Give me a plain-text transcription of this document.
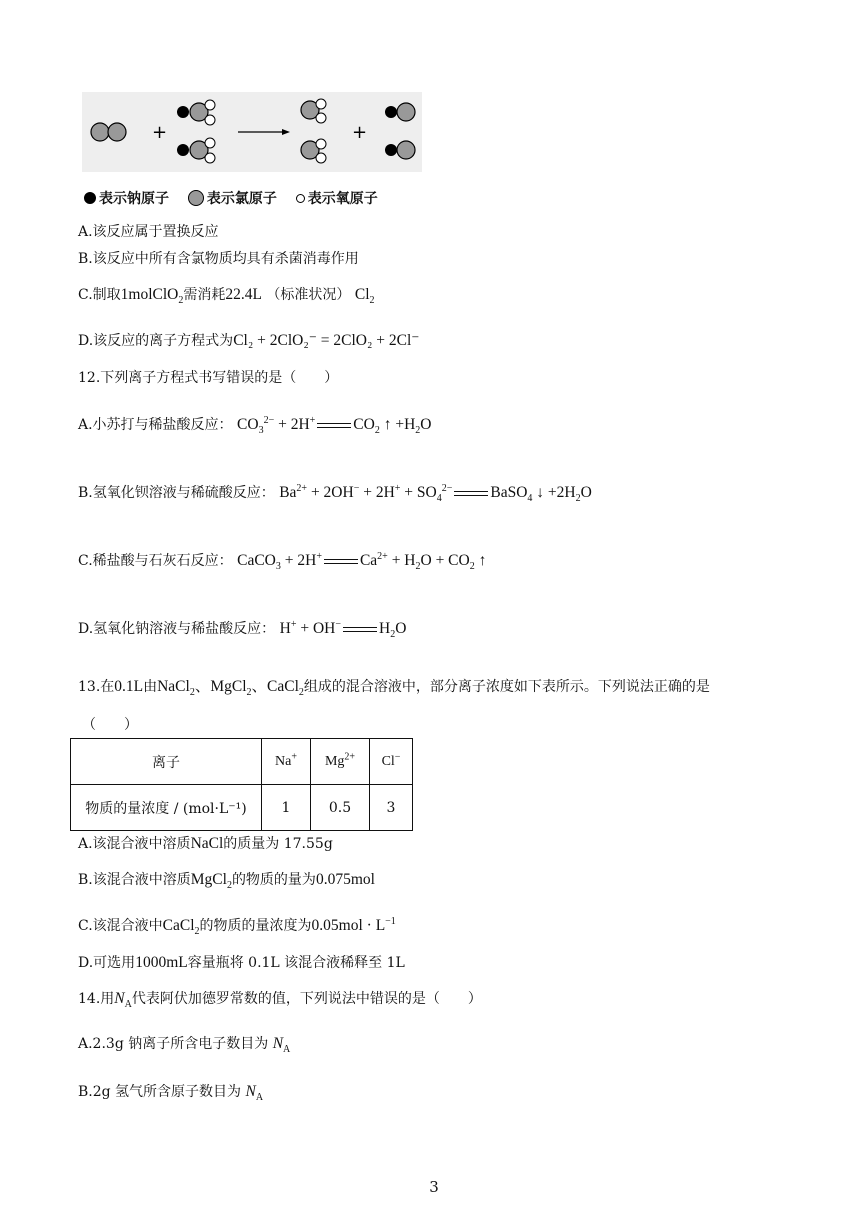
+	+
表示钠原子	表示氯原子 表示氧原子
A.该反应属于置换反应
B.该反应中所有含氯物质均具有杀菌消毒作用
C.制取1molClO$_2$需消耗22.4L （标准状况） $Cl_2$
D.该反应的离子方程式为Cl₂ + 2ClO₂⁻ = 2ClO₂ + 2Cl⁻
12.下列离子方程式书写错误的是（　　）
A.小苏打与稀盐酸反应： $CO_3^{2-} + 2H^+$ $CO_2$ ↑ $+H_2O$
B.氢氧化钡溶液与稀硫酸反应： $Ba^{2+} + 2OH^- + 2H^+ + SO_4^{2-}$ BaSO$_4$ ↓ $+2H_2O$
C.稀盐酸与石灰石反应： CaCO$_3$ + 2H+ $Ca^{2+} + H_2O + CO_2$ ↑
D.氢氧化钠溶液与稀盐酸反应： H+ + OH− $H_2O$
13.在0.1L由NaCl$_2$、MgCl$_2$、CaCl$_2$组成的混合溶液中，部分离子浓度如下表所示。下列说法正确的是
（　　）
离子	Na+	$Mg^{2+}$	Cl−
物质的量浓度 / (mol·L⁻¹)	1	0.5	3
A.该混合液中溶质NaCl的质量为 17.55g
B.该混合液中溶质MgCl$_2$的物质的量为0.075mol
C.该混合液中CaCl$_2$的物质的量浓度为$0.05mol \cdot L^{-1}$
D.可选用1000mL容量瓶将 0.1L 该混合液稀释至 1L
14.用$N_A$代表阿伏加德罗常数的值，下列说法中错误的是（　　）
A.2.3g 钠离子所含电子数目为 $N_A$
B.2g 氢气所含原子数目为 $N_A$
3
